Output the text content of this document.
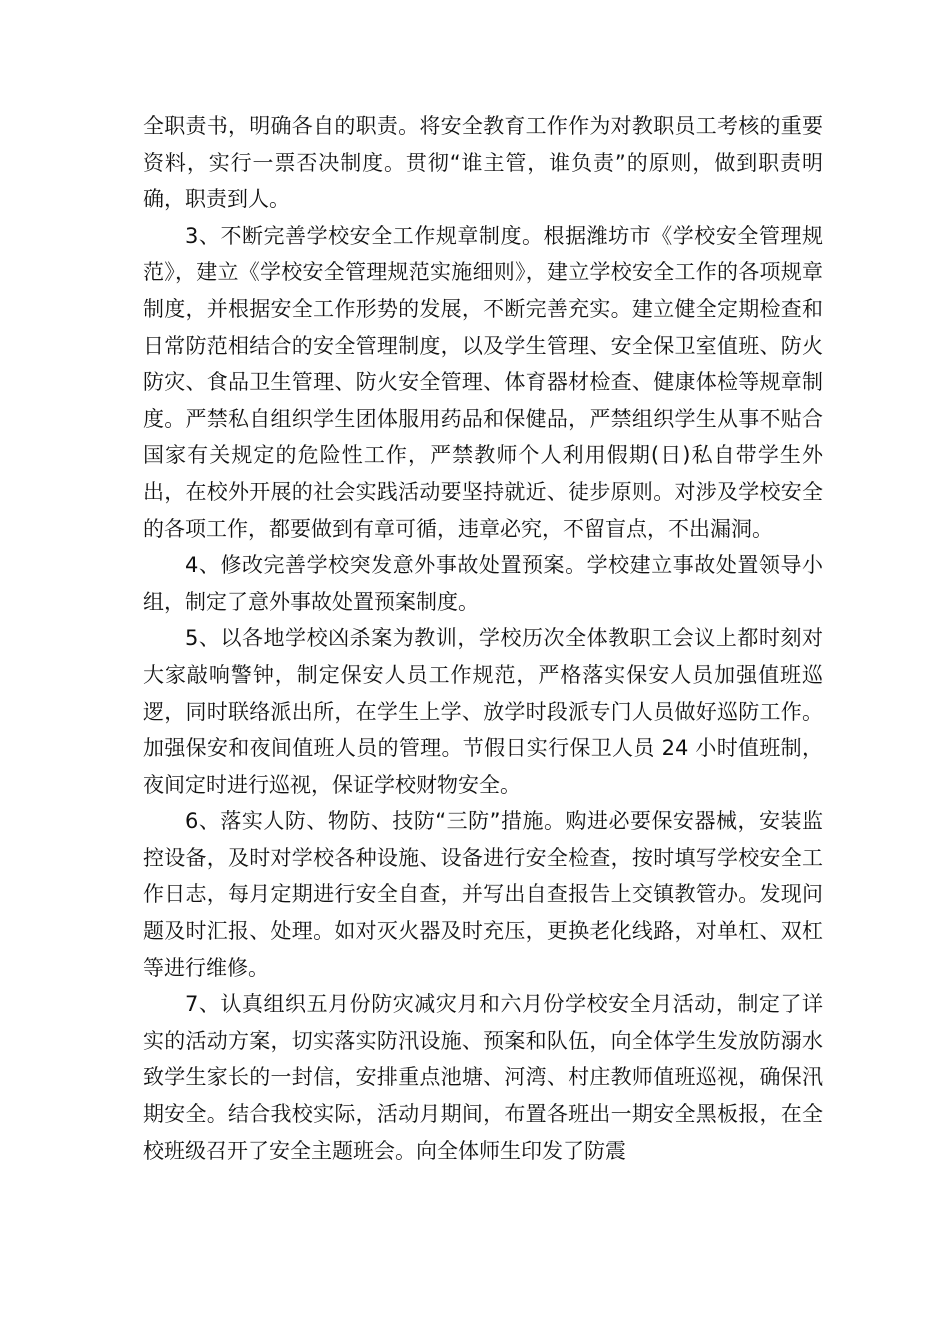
全职责书，明确各自的职责。将安全教育工作作为对教职员工考核的重要资料，实行一票否决制度。贯彻“谁主管，谁负责”的原则，做到职责明确，职责到人。

3、不断完善学校安全工作规章制度。根据潍坊市《学校安全管理规范》，建立《学校安全管理规范实施细则》，建立学校安全工作的各项规章制度，并根据安全工作形势的发展，不断完善充实。建立健全定期检查和日常防范相结合的安全管理制度，以及学生管理、安全保卫室值班、防火防灾、食品卫生管理、防火安全管理、体育器材检查、健康体检等规章制度。严禁私自组织学生团体服用药品和保健品，严禁组织学生从事不贴合国家有关规定的危险性工作，严禁教师个人利用假期(日)私自带学生外出，在校外开展的社会实践活动要坚持就近、徒步原则。对涉及学校安全的各项工作，都要做到有章可循，违章必究，不留盲点，不出漏洞。

4、修改完善学校突发意外事故处置预案。学校建立事故处置领导小组，制定了意外事故处置预案制度。

5、以各地学校凶杀案为教训，学校历次全体教职工会议上都时刻对大家敲响警钟，制定保安人员工作规范，严格落实保安人员加强值班巡逻，同时联络派出所，在学生上学、放学时段派专门人员做好巡防工作。加强保安和夜间值班人员的管理。节假日实行保卫人员 24 小时值班制，夜间定时进行巡视，保证学校财物安全。

6、落实人防、物防、技防“三防”措施。购进必要保安器械，安装监控设备，及时对学校各种设施、设备进行安全检查，按时填写学校安全工作日志，每月定期进行安全自查，并写出自查报告上交镇教管办。发现问题及时汇报、处理。如对灭火器及时充压，更换老化线路，对单杠、双杠等进行维修。

7、认真组织五月份防灾减灾月和六月份学校安全月活动，制定了详实的活动方案，切实落实防汛设施、预案和队伍，向全体学生发放防溺水致学生家长的一封信，安排重点池塘、河湾、村庄教师值班巡视，确保汛期安全。结合我校实际，活动月期间，布置各班出一期安全黑板报，在全校班级召开了安全主题班会。向全体师生印发了防震
